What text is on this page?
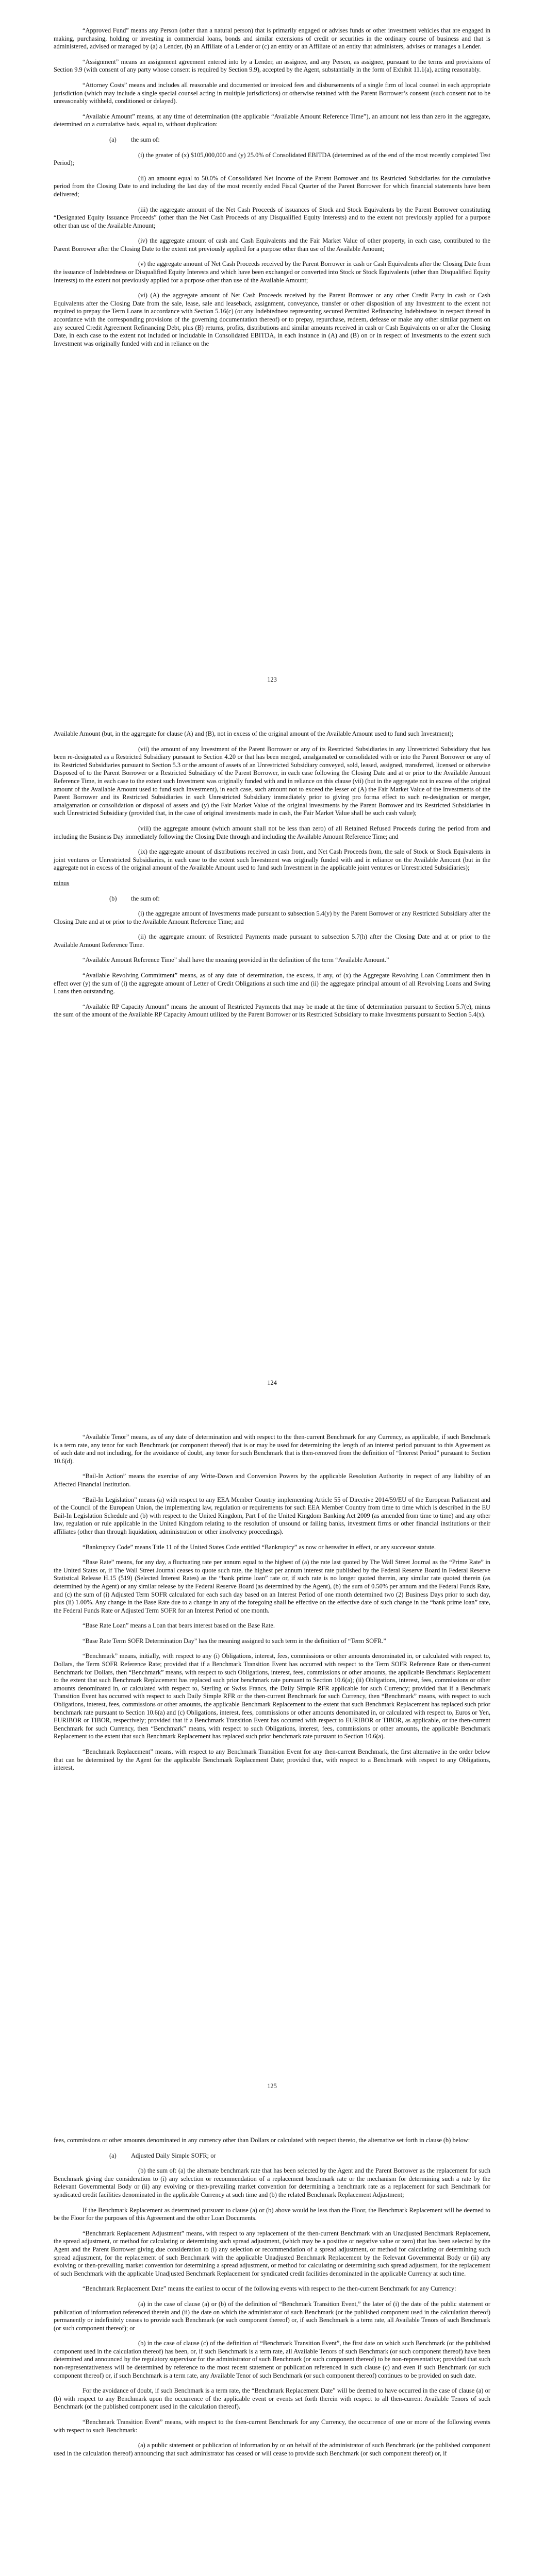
“Approved Fund” means any Person (other than a natural person) that is primarily engaged or advises funds or other investment vehicles that are engaged in making, purchasing, holding or investing in commercial loans, bonds and similar extensions of credit or securities in the ordinary course of business and that is administered, advised or managed by (a) a Lender, (b) an Affiliate of a Lender or (c) an entity or an Affiliate of an entity that administers, advises or manages a Lender.

“Assignment” means an assignment agreement entered into by a Lender, an assignee, and any Person, as assignee, pursuant to the terms and provisions of Section 9.9 (with consent of any party whose consent is required by Section 9.9), accepted by the Agent, substantially in the form of Exhibit 11.1(a), acting reasonably.

“Attorney Costs” means and includes all reasonable and documented or invoiced fees and disbursements of a single firm of local counsel in each appropriate jurisdiction (which may include a single special counsel acting in multiple jurisdictions) or otherwise retained with the Parent Borrower’s consent (such consent not to be unreasonably withheld, conditioned or delayed).

“Available Amount” means, at any time of determination (the applicable “Available Amount Reference Time”), an amount not less than zero in the aggregate, determined on a cumulative basis, equal to, without duplication:

(a) the sum of:

(i) the greater of (x) $105,000,000 and (y) 25.0% of Consolidated EBITDA (determined as of the end of the most recently completed Test Period);

(ii) an amount equal to 50.0% of Consolidated Net Income of the Parent Borrower and its Restricted Subsidiaries for the cumulative period from the Closing Date to and including the last day of the most recently ended Fiscal Quarter of the Parent Borrower for which financial statements have been delivered;

(iii) the aggregate amount of the Net Cash Proceeds of issuances of Stock and Stock Equivalents by the Parent Borrower constituting “Designated Equity Issuance Proceeds” (other than the Net Cash Proceeds of any Disqualified Equity Interests) and to the extent not previously applied for a purpose other than use of the Available Amount;

(iv) the aggregate amount of cash and Cash Equivalents and the Fair Market Value of other property, in each case, contributed to the Parent Borrower after the Closing Date to the extent not previously applied for a purpose other than use of the Available Amount;

(v) the aggregate amount of Net Cash Proceeds received by the Parent Borrower in cash or Cash Equivalents after the Closing Date from the issuance of Indebtedness or Disqualified Equity Interests and which have been exchanged or converted into Stock or Stock Equivalents (other than Disqualified Equity Interests) to the extent not previously applied for a purpose other than use of the Available Amount;

(vi) (A) the aggregate amount of Net Cash Proceeds received by the Parent Borrower or any other Credit Party in cash or Cash Equivalents after the Closing Date from the sale, lease, sale and leaseback, assignment, conveyance, transfer or other disposition of any Investment to the extent not required to prepay the Term Loans in accordance with Section 5.16(c) (or any Indebtedness representing secured Permitted Refinancing Indebtedness in respect thereof in accordance with the corresponding provisions of the governing documentation thereof) or to prepay, repurchase, redeem, defease or make any other similar payment on any secured Credit Agreement Refinancing Debt, plus (B) returns, profits, distributions and similar amounts received in cash or Cash Equivalents on or after the Closing Date, in each case to the extent not included or includable in Consolidated EBITDA, in each instance in (A) and (B) on or in respect of Investments to the extent such Investment was originally funded with and in reliance on the

123

Available Amount (but, in the aggregate for clause (A) and (B), not in excess of the original amount of the Available Amount used to fund such Investment);

(vii) the amount of any Investment of the Parent Borrower or any of its Restricted Subsidiaries in any Unrestricted Subsidiary that has been re-designated as a Restricted Subsidiary pursuant to Section 4.20 or that has been merged, amalgamated or consolidated with or into the Parent Borrower or any of its Restricted Subsidiaries pursuant to Section 5.3 or the amount of assets of an Unrestricted Subsidiary conveyed, sold, leased, assigned, transferred, licensed or otherwise Disposed of to the Parent Borrower or a Restricted Subsidiary of the Parent Borrower, in each case following the Closing Date and at or prior to the Available Amount Reference Time, in each case to the extent such Investment was originally funded with and in reliance on this clause (vii) (but in the aggregate not in excess of the original amount of the Available Amount used to fund such Investment), in each case, such amount not to exceed the lesser of (A) the Fair Market Value of the Investments of the Parent Borrower and its Restricted Subsidiaries in such Unrestricted Subsidiary immediately prior to giving pro forma effect to such re-designation or merger, amalgamation or consolidation or disposal of assets and (y) the Fair Market Value of the original investments by the Parent Borrower and its Restricted Subsidiaries in such Unrestricted Subsidiary (provided that, in the case of original investments made in cash, the Fair Market Value shall be such cash value);

(viii) the aggregate amount (which amount shall not be less than zero) of all Retained Refused Proceeds during the period from and including the Business Day immediately following the Closing Date through and including the Available Amount Reference Time; and

(ix) the aggregate amount of distributions received in cash from, and Net Cash Proceeds from, the sale of Stock or Stock Equivalents in joint ventures or Unrestricted Subsidiaries, in each case to the extent such Investment was originally funded with and in reliance on the Available Amount (but in the aggregate not in excess of the original amount of the Available Amount used to fund such Investment in the applicable joint ventures or Unrestricted Subsidiaries);

minus

(b) the sum of:

(i) the aggregate amount of Investments made pursuant to subsection 5.4(y) by the Parent Borrower or any Restricted Subsidiary after the Closing Date and at or prior to the Available Amount Reference Time; and

(ii) the aggregate amount of Restricted Payments made pursuant to subsection 5.7(h) after the Closing Date and at or prior to the Available Amount Reference Time.

“Available Amount Reference Time” shall have the meaning provided in the definition of the term “Available Amount.”

“Available Revolving Commitment” means, as of any date of determination, the excess, if any, of (x) the Aggregate Revolving Loan Commitment then in effect over (y) the sum of (i) the aggregate amount of Letter of Credit Obligations at such time and (ii) the aggregate principal amount of all Revolving Loans and Swing Loans then outstanding.

“Available RP Capacity Amount” means the amount of Restricted Payments that may be made at the time of determination pursuant to Section 5.7(e), minus the sum of the amount of the Available RP Capacity Amount utilized by the Parent Borrower or its Restricted Subsidiary to make Investments pursuant to Section 5.4(x).

124

“Available Tenor” means, as of any date of determination and with respect to the then-current Benchmark for any Currency, as applicable, if such Benchmark is a term rate, any tenor for such Benchmark (or component thereof) that is or may be used for determining the length of an interest period pursuant to this Agreement as of such date and not including, for the avoidance of doubt, any tenor for such Benchmark that is then-removed from the definition of “Interest Period” pursuant to Section 10.6(d).

“Bail-In Action” means the exercise of any Write-Down and Conversion Powers by the applicable Resolution Authority in respect of any liability of an Affected Financial Institution.

“Bail-In Legislation” means (a) with respect to any EEA Member Country implementing Article 55 of Directive 2014/59/EU of the European Parliament and of the Council of the European Union, the implementing law, regulation or requirements for such EEA Member Country from time to time which is described in the EU Bail-In Legislation Schedule and (b) with respect to the United Kingdom, Part I of the United Kingdom Banking Act 2009 (as amended from time to time) and any other law, regulation or rule applicable in the United Kingdom relating to the resolution of unsound or failing banks, investment firms or other financial institutions or their affiliates (other than through liquidation, administration or other insolvency proceedings).

“Bankruptcy Code” means Title 11 of the United States Code entitled “Bankruptcy” as now or hereafter in effect, or any successor statute.

“Base Rate” means, for any day, a fluctuating rate per annum equal to the highest of (a) the rate last quoted by The Wall Street Journal as the “Prime Rate” in the United States or, if The Wall Street Journal ceases to quote such rate, the highest per annum interest rate published by the Federal Reserve Board in Federal Reserve Statistical Release H.15 (519) (Selected Interest Rates) as the “bank prime loan” rate or, if such rate is no longer quoted therein, any similar rate quoted therein (as determined by the Agent) or any similar release by the Federal Reserve Board (as determined by the Agent), (b) the sum of 0.50% per annum and the Federal Funds Rate, and (c) the sum of (i) Adjusted Term SOFR calculated for each such day based on an Interest Period of one month determined two (2) Business Days prior to such day, plus (ii) 1.00%. Any change in the Base Rate due to a change in any of the foregoing shall be effective on the effective date of such change in the “bank prime loan” rate, the Federal Funds Rate or Adjusted Term SOFR for an Interest Period of one month.

“Base Rate Loan” means a Loan that bears interest based on the Base Rate.

“Base Rate Term SOFR Determination Day” has the meaning assigned to such term in the definition of “Term SOFR.”

“Benchmark” means, initially, with respect to any (i) Obligations, interest, fees, commissions or other amounts denominated in, or calculated with respect to, Dollars, the Term SOFR Reference Rate; provided that if a Benchmark Transition Event has occurred with respect to the Term SOFR Reference Rate or then-current Benchmark for Dollars, then “Benchmark” means, with respect to such Obligations, interest, fees, commissions or other amounts, the applicable Benchmark Replacement to the extent that such Benchmark Replacement has replaced such prior benchmark rate pursuant to Section 10.6(a); (ii) Obligations, interest, fees, commissions or other amounts denominated in, or calculated with respect to, Sterling or Swiss Francs, the Daily Simple RFR applicable for such Currency; provided that if a Benchmark Transition Event has occurred with respect to such Daily Simple RFR or the then-current Benchmark for such Currency, then “Benchmark” means, with respect to such Obligations, interest, fees, commissions or other amounts, the applicable Benchmark Replacement to the extent that such Benchmark Replacement has replaced such prior benchmark rate pursuant to Section 10.6(a) and (c) Obligations, interest, fees, commissions or other amounts denominated in, or calculated with respect to, Euros or Yen, EURIBOR or TIBOR, respectively; provided that if a Benchmark Transition Event has occurred with respect to EURIBOR or TIBOR, as applicable, or the then-current Benchmark for such Currency, then “Benchmark” means, with respect to such Obligations, interest, fees, commissions or other amounts, the applicable Benchmark Replacement to the extent that such Benchmark Replacement has replaced such prior benchmark rate pursuant to Section 10.6(a).

“Benchmark Replacement” means, with respect to any Benchmark Transition Event for any then-current Benchmark, the first alternative in the order below that can be determined by the Agent for the applicable Benchmark Replacement Date; provided that, with respect to a Benchmark with respect to any Obligations, interest,

125

fees, commissions or other amounts denominated in any currency other than Dollars or calculated with respect thereto, the alternative set forth in clause (b) below:

(a) Adjusted Daily Simple SOFR; or

(b) the sum of: (a) the alternate benchmark rate that has been selected by the Agent and the Parent Borrower as the replacement for such Benchmark giving due consideration to (i) any selection or recommendation of a replacement benchmark rate or the mechanism for determining such a rate by the Relevant Governmental Body or (ii) any evolving or then-prevailing market convention for determining a benchmark rate as a replacement for such Benchmark for syndicated credit facilities denominated in the applicable Currency at such time and (b) the related Benchmark Replacement Adjustment;

If the Benchmark Replacement as determined pursuant to clause (a) or (b) above would be less than the Floor, the Benchmark Replacement will be deemed to be the Floor for the purposes of this Agreement and the other Loan Documents.

“Benchmark Replacement Adjustment” means, with respect to any replacement of the then-current Benchmark with an Unadjusted Benchmark Replacement, the spread adjustment, or method for calculating or determining such spread adjustment, (which may be a positive or negative value or zero) that has been selected by the Agent and the Parent Borrower giving due consideration to (i) any selection or recommendation of a spread adjustment, or method for calculating or determining such spread adjustment, for the replacement of such Benchmark with the applicable Unadjusted Benchmark Replacement by the Relevant Governmental Body or (ii) any evolving or then-prevailing market convention for determining a spread adjustment, or method for calculating or determining such spread adjustment, for the replacement of such Benchmark with the applicable Unadjusted Benchmark Replacement for syndicated credit facilities denominated in the applicable Currency at such time.

“Benchmark Replacement Date” means the earliest to occur of the following events with respect to the then-current Benchmark for any Currency:

(a) in the case of clause (a) or (b) of the definition of “Benchmark Transition Event,” the later of (i) the date of the public statement or publication of information referenced therein and (ii) the date on which the administrator of such Benchmark (or the published component used in the calculation thereof) permanently or indefinitely ceases to provide such Benchmark (or such component thereof) or, if such Benchmark is a term rate, all Available Tenors of such Benchmark (or such component thereof); or

(b) in the case of clause (c) of the definition of “Benchmark Transition Event”, the first date on which such Benchmark (or the published component used in the calculation thereof) has been, or, if such Benchmark is a term rate, all Available Tenors of such Benchmark (or such component thereof) have been determined and announced by the regulatory supervisor for the administrator of such Benchmark (or such component thereof) to be non-representative; provided that such non-representativeness will be determined by reference to the most recent statement or publication referenced in such clause (c) and even if such Benchmark (or such component thereof) or, if such Benchmark is a term rate, any Available Tenor of such Benchmark (or such component thereof) continues to be provided on such date.

For the avoidance of doubt, if such Benchmark is a term rate, the “Benchmark Replacement Date” will be deemed to have occurred in the case of clause (a) or (b) with respect to any Benchmark upon the occurrence of the applicable event or events set forth therein with respect to all then-current Available Tenors of such Benchmark (or the published component used in the calculation thereof).

“Benchmark Transition Event” means, with respect to the then-current Benchmark for any Currency, the occurrence of one or more of the following events with respect to such Benchmark:

(a) a public statement or publication of information by or on behalf of the administrator of such Benchmark (or the published component used in the calculation thereof) announcing that such administrator has ceased or will cease to provide such Benchmark (or such component thereof) or, if
